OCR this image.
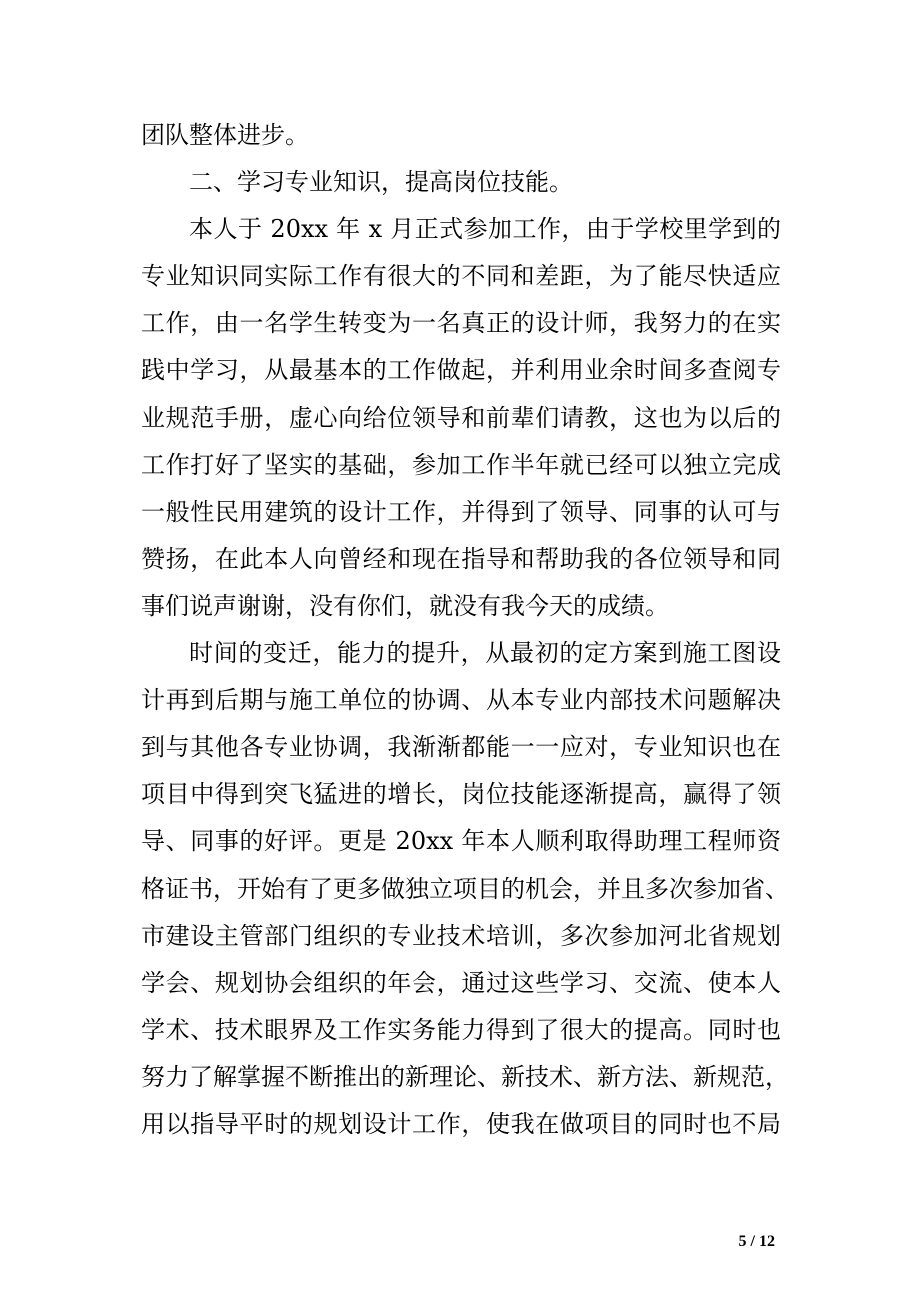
团队整体进步。
二、学习专业知识，提高岗位技能。
本人于 20xx 年 x 月正式参加工作，由于学校里学到的
专业知识同实际工作有很大的不同和差距，为了能尽快适应
工作，由一名学生转变为一名真正的设计师，我努力的在实
践中学习，从最基本的工作做起，并利用业余时间多查阅专
业规范手册，虚心向给位领导和前辈们请教，这也为以后的
工作打好了坚实的基础，参加工作半年就已经可以独立完成
一般性民用建筑的设计工作，并得到了领导、同事的认可与
赞扬，在此本人向曾经和现在指导和帮助我的各位领导和同
事们说声谢谢，没有你们，就没有我今天的成绩。
时间的变迁，能力的提升，从最初的定方案到施工图设
计再到后期与施工单位的协调、从本专业内部技术问题解决
到与其他各专业协调，我渐渐都能一一应对，专业知识也在
项目中得到突飞猛进的增长，岗位技能逐渐提高，赢得了领
导、同事的好评。更是 20xx 年本人顺利取得助理工程师资
格证书，开始有了更多做独立项目的机会，并且多次参加省、
市建设主管部门组织的专业技术培训，多次参加河北省规划
学会、规划协会组织的年会，通过这些学习、交流、使本人
学术、技术眼界及工作实务能力得到了很大的提高。同时也
努力了解掌握不断推出的新理论、新技术、新方法、新规范，
用以指导平时的规划设计工作，使我在做项目的同时也不局
5 / 12
